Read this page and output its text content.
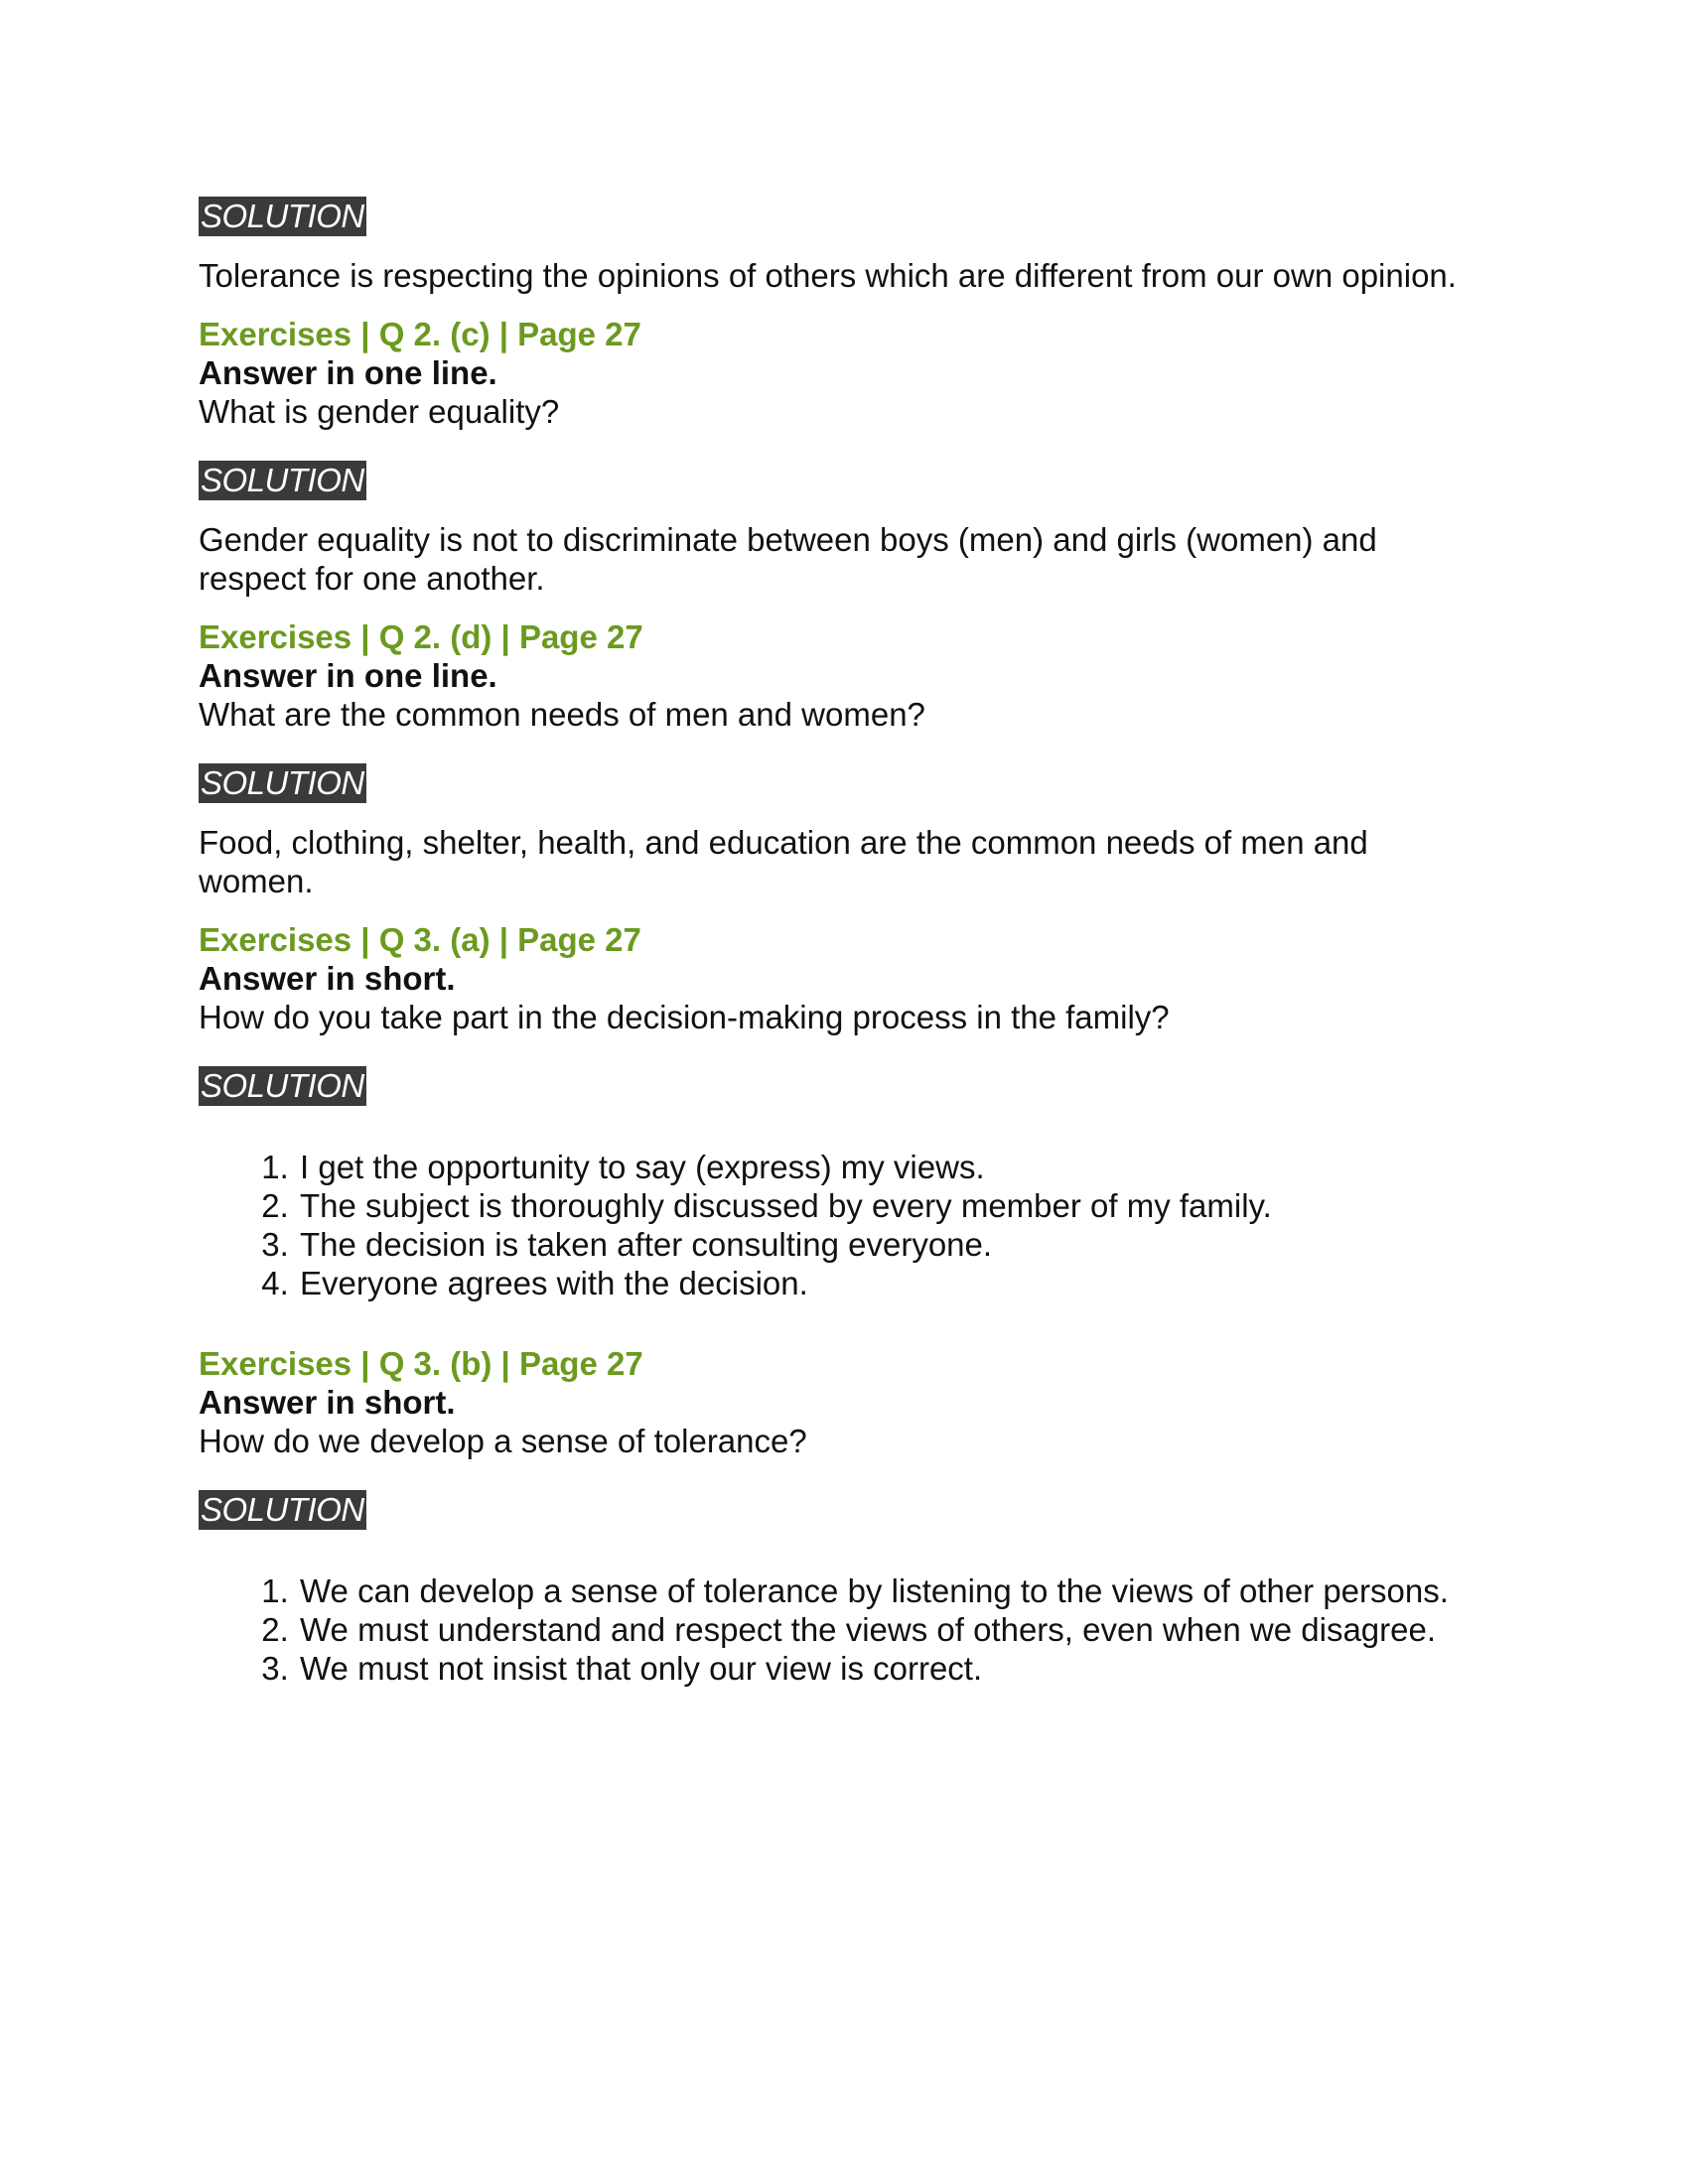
SOLUTION

Tolerance is respecting the opinions of others which are different from our own opinion.

Exercises | Q 2. (c) | Page 27

Answer in one line.

What is gender equality?

SOLUTION

Gender equality is not to discriminate between boys (men) and girls (women) and

respect for one another.

Exercises | Q 2. (d) | Page 27

Answer in one line.

What are the common needs of men and women?

SOLUTION

Food, clothing, shelter, health, and education are the common needs of men and

women.

Exercises | Q 3. (a) | Page 27

Answer in short.

How do you take part in the decision-making process in the family?

SOLUTION
1. I get the opportunity to say (express) my views.
2. The subject is thoroughly discussed by every member of my family.
3. The decision is taken after consulting everyone.
4. Everyone agrees with the decision.

Exercises | Q 3. (b) | Page 27

Answer in short.

How do we develop a sense of tolerance?

SOLUTION
1. We can develop a sense of tolerance by listening to the views of other persons.
2. We must understand and respect the views of others, even when we disagree.
3. We must not insist that only our view is correct.
